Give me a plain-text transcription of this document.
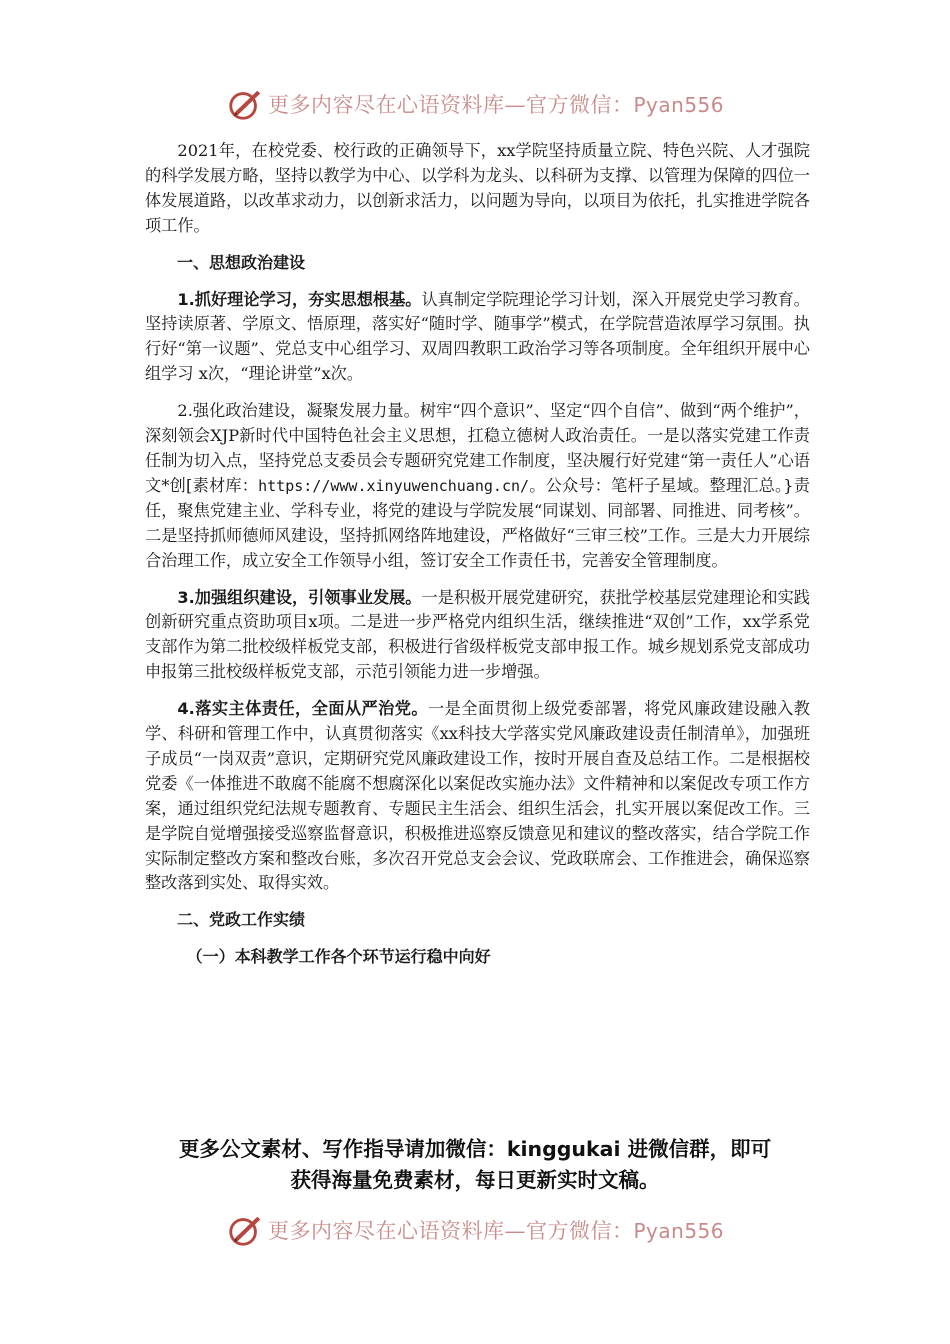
更多内容尽在心语资料库—官方微信：Pyan556

2021年，在校党委、校行政的正确领导下，xx学院坚持质量立院、特色兴院、人才强院的科学发展方略，坚持以教学为中心、以学科为龙头、以科研为支撑、以管理为保障的四位一体发展道路，以改革求动力，以创新求活力，以问题为导向，以项目为依托，扎实推进学院各项工作。

一、思想政治建设

1.抓好理论学习，夯实思想根基。认真制定学院理论学习计划，深入开展党史学习教育。坚持读原著、学原文、悟原理，落实好“随时学、随事学”模式，在学院营造浓厚学习氛围。执行好“第一议题”、党总支中心组学习、双周四教职工政治学习等各项制度。全年组织开展中心组学习 x次，“理论讲堂”x次。

2.强化政治建设，凝聚发展力量。树牢“四个意识”、坚定“四个自信”、做到“两个维护”，深刻领会XJP新时代中国特色社会主义思想，扛稳立德树人政治责任。一是以落实党建工作责任制为切入点，坚持党总支委员会专题研究党建工作制度，坚决履行好党建“第一责任人”心语文*创[素材库：https://www.xinyuwenchuang.cn/。公众号：笔杆子星域。整理汇总。}责任，聚焦党建主业、学科专业，将党的建设与学院发展“同谋划、同部署、同推进、同考核”。二是坚持抓师德师风建设，坚持抓网络阵地建设，严格做好“三审三校”工作。三是大力开展综合治理工作，成立安全工作领导小组，签订安全工作责任书，完善安全管理制度。

3.加强组织建设，引领事业发展。一是积极开展党建研究，获批学校基层党建理论和实践创新研究重点资助项目x项。二是进一步严格党内组织生活，继续推进“双创”工作，xx学系党支部作为第二批校级样板党支部，积极进行省级样板党支部申报工作。城乡规划系党支部成功申报第三批校级样板党支部，示范引领能力进一步增强。

4.落实主体责任，全面从严治党。一是全面贯彻上级党委部署，将党风廉政建设融入教学、科研和管理工作中，认真贯彻落实《xx科技大学落实党风廉政建设责任制清单》，加强班子成员“一岗双责”意识，定期研究党风廉政建设工作，按时开展自查及总结工作。二是根据校党委《一体推进不敢腐不能腐不想腐深化以案促改实施办法》文件精神和以案促改专项工作方案，通过组织党纪法规专题教育、专题民主生活会、组织生活会，扎实开展以案促改工作。三是学院自觉增强接受巡察监督意识，积极推进巡察反馈意见和建议的整改落实，结合学院工作实际制定整改方案和整改台账，多次召开党总支会会议、党政联席会、工作推进会，确保巡察整改落到实处、取得实效。

二、党政工作实绩

（一）本科教学工作各个环节运行稳中向好

更多公文素材、写作指导请加微信：kinggukai 进微信群，即可
获得海量免费素材，每日更新实时文稿。
更多内容尽在心语资料库—官方微信：Pyan556
